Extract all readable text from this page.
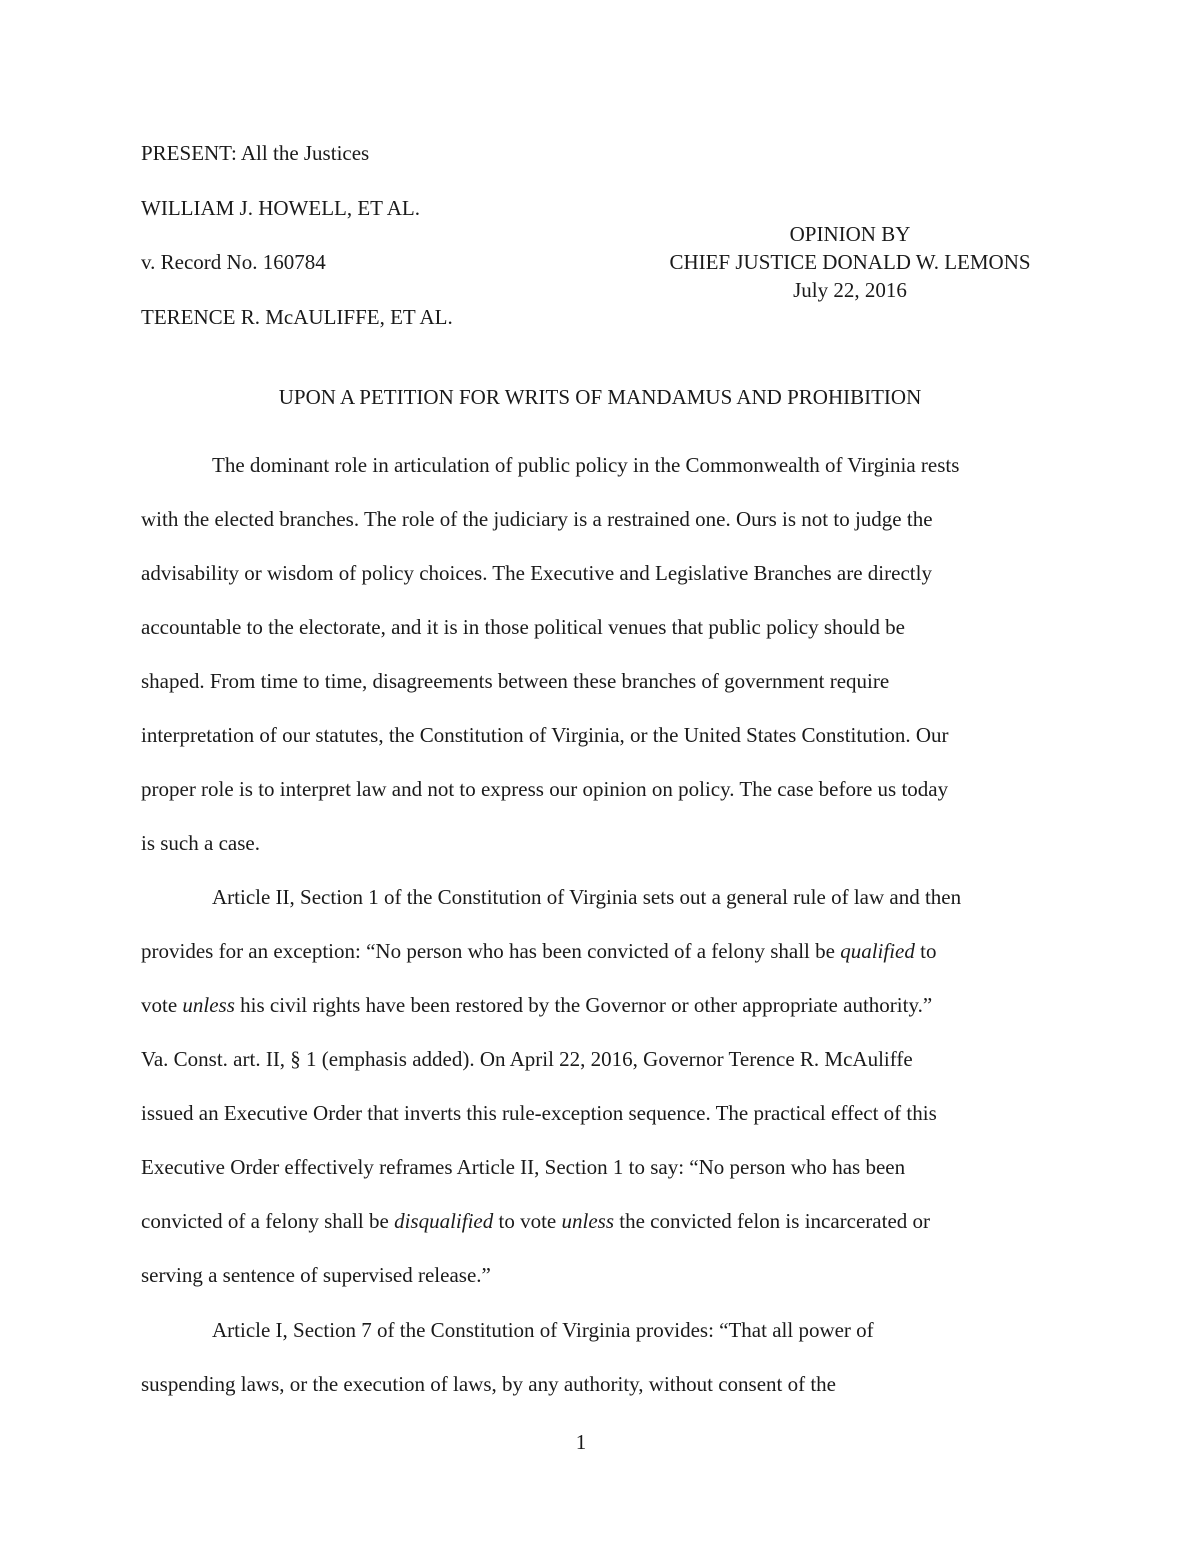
PRESENT: All the Justices
WILLIAM J. HOWELL, ET AL.
v. Record No. 160784
TERENCE R. McAULIFFE, ET AL.
OPINION BY
CHIEF JUSTICE DONALD W. LEMONS
July 22, 2016
UPON A PETITION FOR WRITS OF MANDAMUS AND PROHIBITION
The dominant role in articulation of public policy in the Commonwealth of Virginia rests
with the elected branches. The role of the judiciary is a restrained one. Ours is not to judge the
advisability or wisdom of policy choices. The Executive and Legislative Branches are directly
accountable to the electorate, and it is in those political venues that public policy should be
shaped. From time to time, disagreements between these branches of government require
interpretation of our statutes, the Constitution of Virginia, or the United States Constitution. Our
proper role is to interpret law and not to express our opinion on policy. The case before us today
is such a case.
Article II, Section 1 of the Constitution of Virginia sets out a general rule of law and then
provides for an exception: “No person who has been convicted of a felony shall be qualified to
vote unless his civil rights have been restored by the Governor or other appropriate authority.”
Va. Const. art. II, § 1 (emphasis added). On April 22, 2016, Governor Terence R. McAuliffe
issued an Executive Order that inverts this rule-exception sequence. The practical effect of this
Executive Order effectively reframes Article II, Section 1 to say: “No person who has been
convicted of a felony shall be disqualified to vote unless the convicted felon is incarcerated or
serving a sentence of supervised release.”
Article I, Section 7 of the Constitution of Virginia provides: “That all power of
suspending laws, or the execution of laws, by any authority, without consent of the
1
